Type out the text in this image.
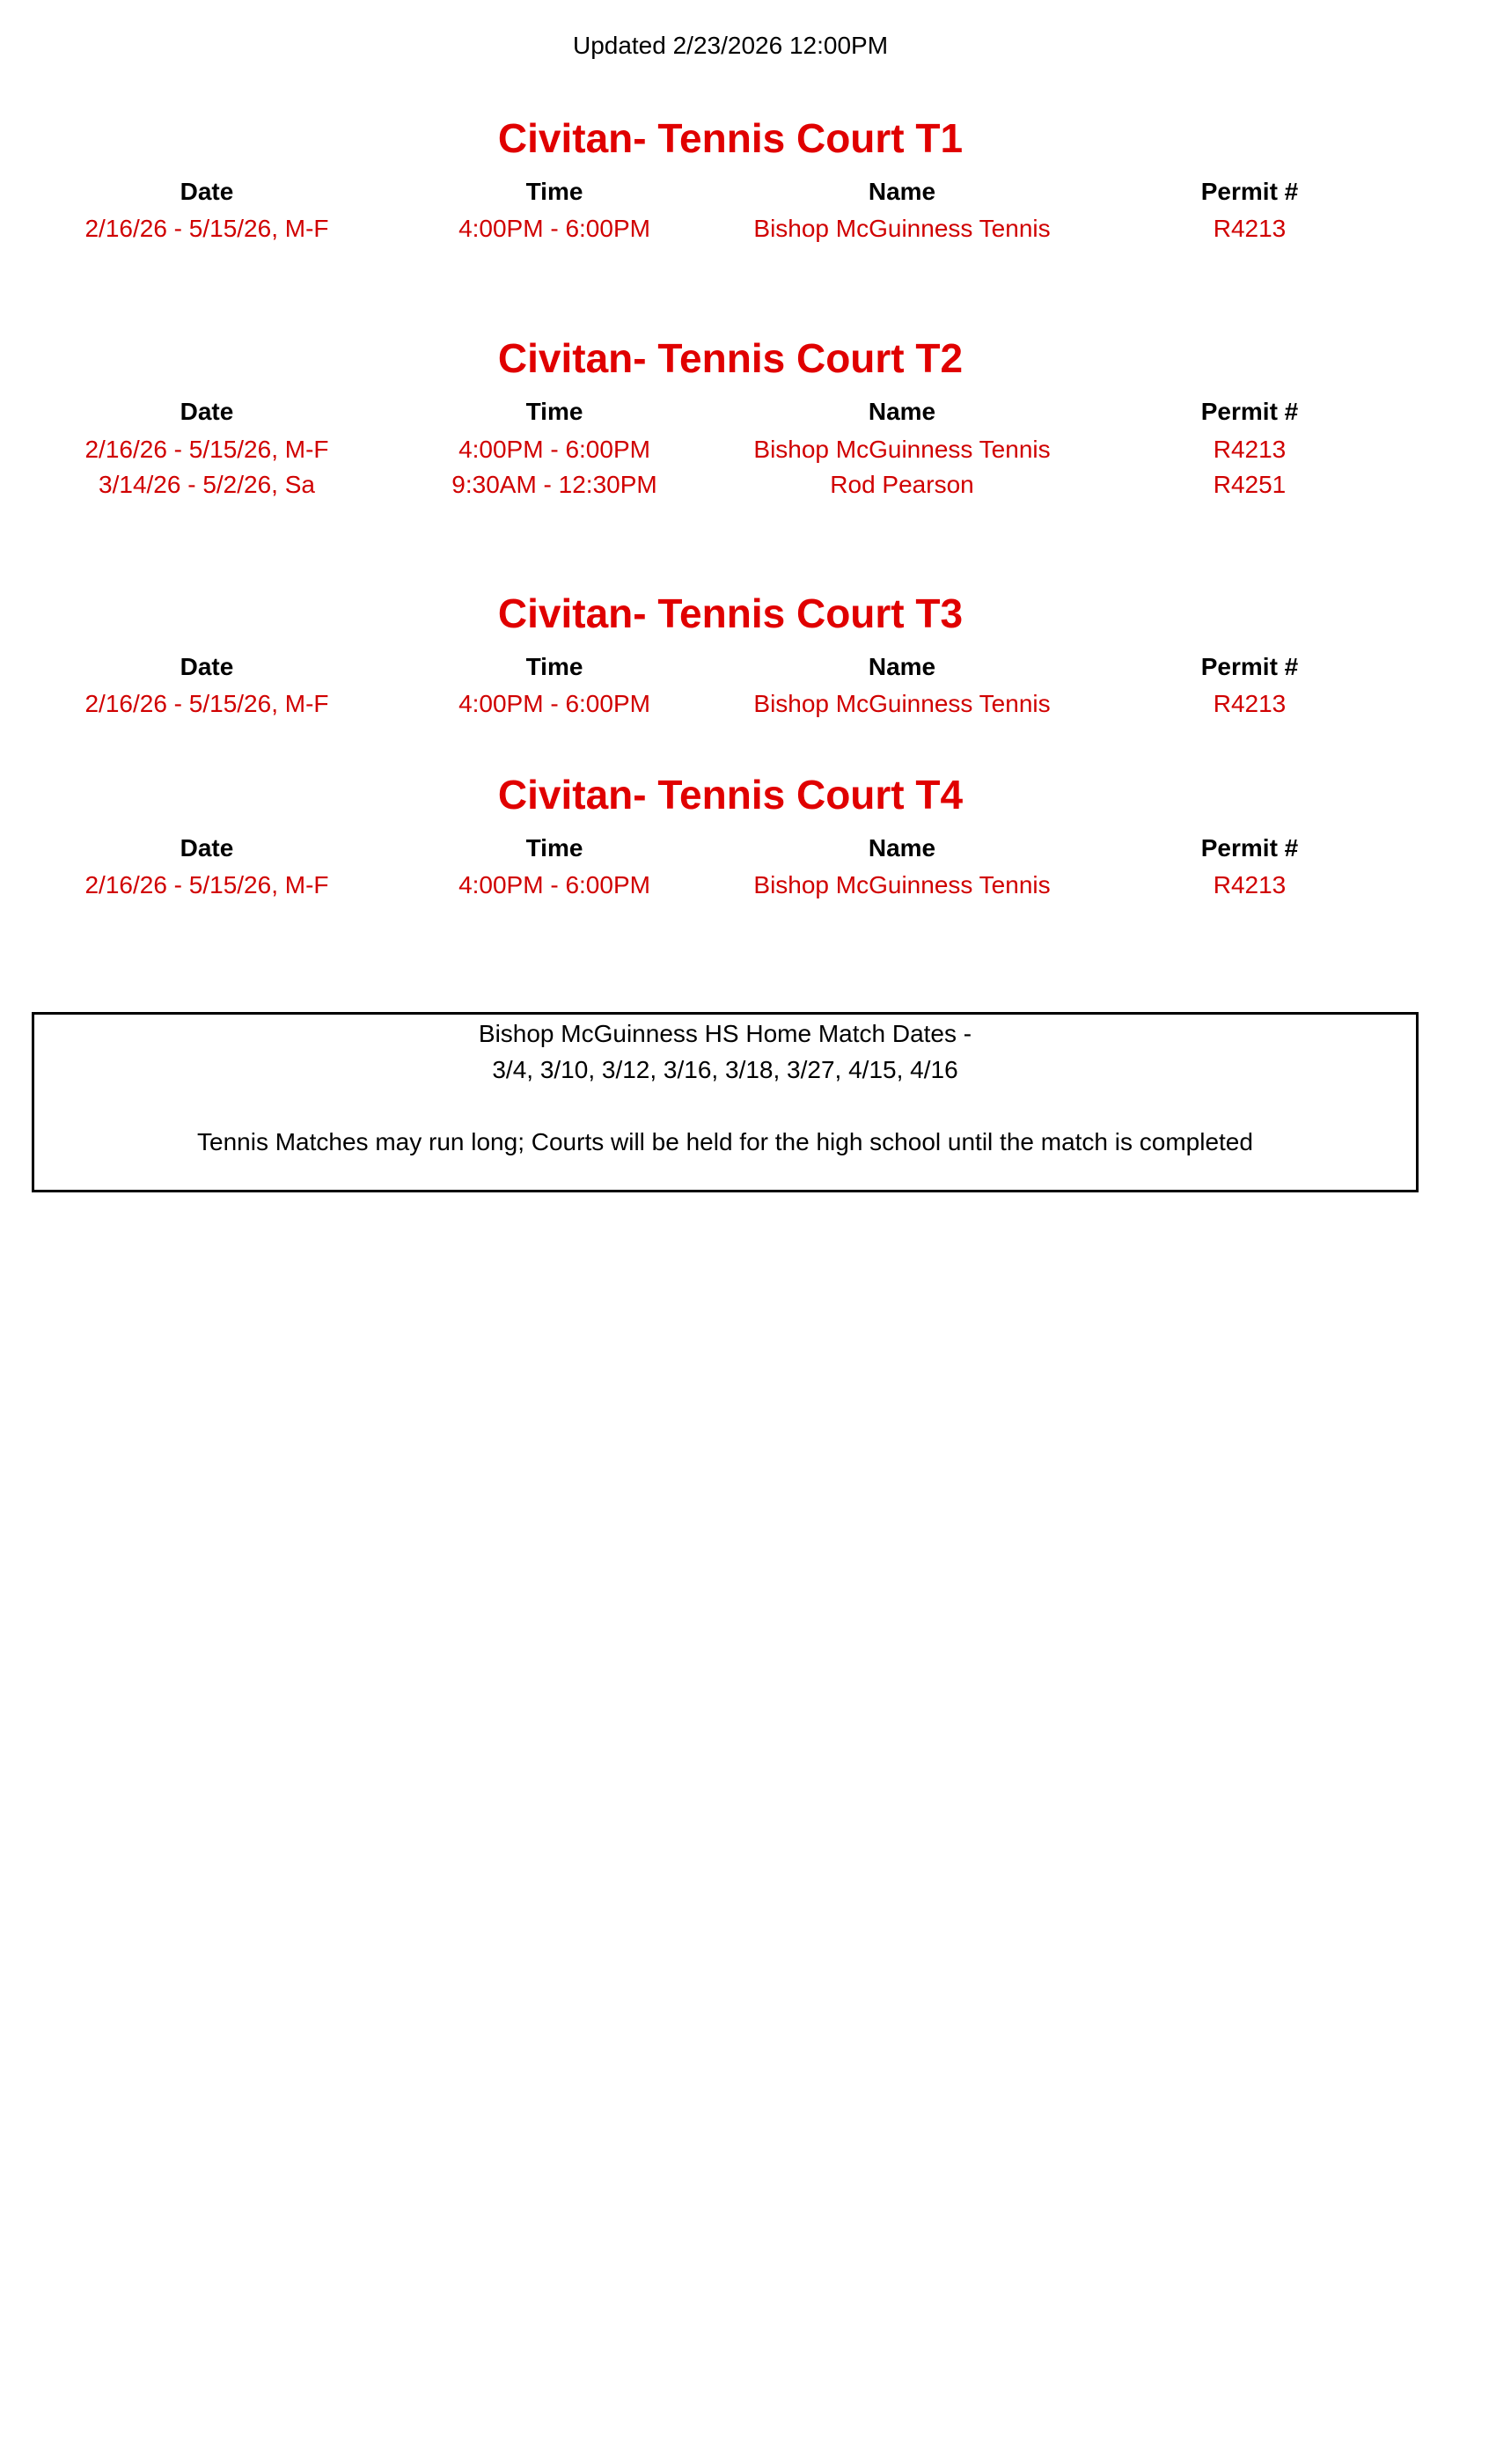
Updated 2/23/2026 12:00PM
Civitan- Tennis Court T1
Date	Time	Name	Permit #
2/16/26 - 5/15/26, M-F	4:00PM - 6:00PM	Bishop McGuinness Tennis	R4213
Civitan- Tennis Court T2
Date	Time	Name	Permit #
2/16/26 - 5/15/26, M-F	4:00PM - 6:00PM	Bishop McGuinness Tennis	R4213
3/14/26 - 5/2/26, Sa	9:30AM - 12:30PM	Rod Pearson	R4251
Civitan- Tennis Court T3
Date	Time	Name	Permit #
2/16/26 - 5/15/26, M-F	4:00PM - 6:00PM	Bishop McGuinness Tennis	R4213
Civitan- Tennis Court T4
Date	Time	Name	Permit #
2/16/26 - 5/15/26, M-F	4:00PM - 6:00PM	Bishop McGuinness Tennis	R4213
Bishop McGuinness HS Home Match Dates -
3/4, 3/10, 3/12, 3/16, 3/18, 3/27, 4/15, 4/16
Tennis Matches may run long; Courts will be held for the high school until the match is completed
